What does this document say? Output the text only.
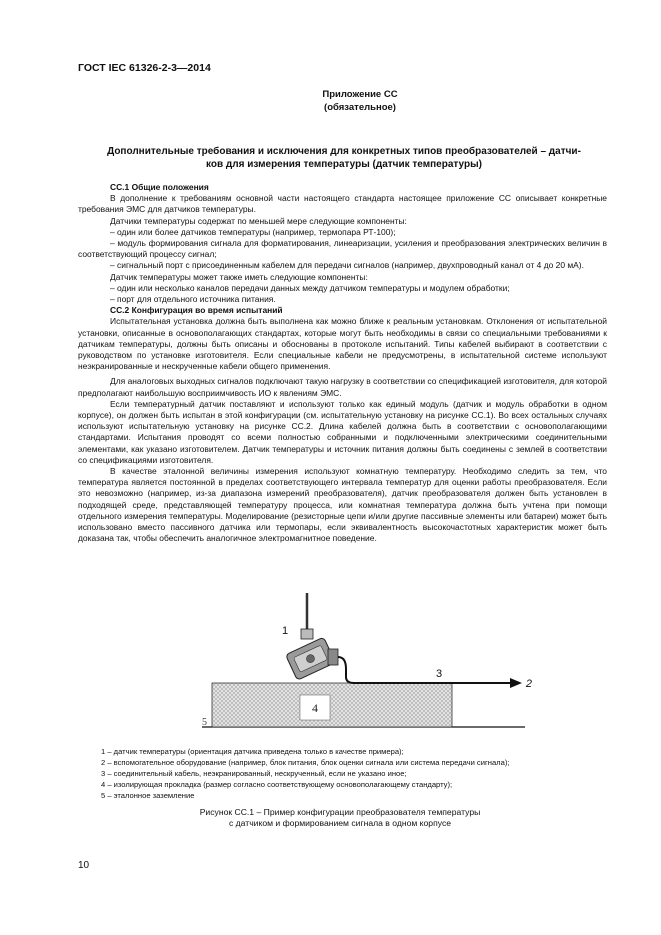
ГОСТ IEC 61326-2-3—2014
Приложение СС
(обязательное)
Дополнительные требования и исключения для конкретных типов преобразователей – датчи-
ков для измерения температуры (датчик температуры)

СС.1 Общие положения

В дополнение к требованиям основной части настоящего стандарта настоящее приложение СС описывает конкретные требования ЭМС для датчиков температуры.

Датчики температуры содержат по меньшей мере следующие компоненты:

– один или более датчиков температуры (например, термопара РТ-100);

– модуль формирования сигнала для форматирования, линеаризации, усиления и преобразования электрических величин в соответствующий процессу сигнал;

– сигнальный порт с присоединенным кабелем для передачи сигналов (например, двухпроводный канал от 4 до 20 мА).

Датчик температуры может также иметь следующие компоненты:

– один или несколько каналов передачи данных между датчиком температуры и модулем обработки;

– порт для отдельного источника питания.

СС.2 Конфигурация во время испытаний

Испытательная установка должна быть выполнена как можно ближе к реальным установкам. Отклонения от испытательной установки, описанные в основополагающих стандартах, которые могут быть необходимы в связи со специальными требованиями к датчикам температуры, должны быть описаны и обоснованы в протоколе испытаний. Типы кабелей выбирают в соответствии с руководством по установке изготовителя. Если специальные кабели не предусмотрены, в испытательной системе используют неэкранированные и нескрученные кабели общего применения.

Для аналоговых выходных сигналов подключают такую нагрузку в соответствии со спецификацией изготовителя, для которой предполагают наибольшую восприимчивость ИО к явлениям ЭМС.

Если температурный датчик поставляют и используют только как единый модуль (датчик и модуль обработки в одном корпусе), он должен быть испытан в этой конфигурации (см. испытательную установку на рисунке СС.1). Во всех остальных случаях используют испытательную установку на рисунке СС.2. Длина кабелей должна быть в соответствии с основополагающими стандартами. Испытания проводят со всеми полностью собранными и подключенными электрическими соединительными элементами, как указано изготовителем. Датчик температуры и источник питания должны быть соединены с землей в соответствии со спецификациями изготовителя.

В качестве эталонной величины измерения используют комнатную температуру. Необходимо следить за тем, что температура является постоянной в пределах соответствующего интервала температур для оценки работы преобразователя. Если это невозможно (например, из-за диапазона измерений преобразователя), датчик преобразователя должен быть установлен в подходящей среде, представляющей температуру процесса, или комнатная температура должна быть учтена при помощи отдельного измерения температуры. Моделирование (резисторные цепи и/или другие пассивные элементы или батареи) может быть использовано вместо пассивного датчика или термопары, если эквивалентность высокочастотных характеристик может быть доказана так, чтобы обеспечить аналогичное электромагнитное поведение.

4
5
1
3
2

1 – датчик температуры (ориентация датчика приведена только в качестве примера);

2 – вспомогательное оборудование (например, блок питания, блок оценки сигнала или система передачи сигнала);

3 – соединительный кабель, неэкранированный, нескрученный, если не указано иное;

4 – изолирующая прокладка (размер согласно соответствующему основополагающему стандарту);

5 – эталонное заземление

Рисунок СС.1 – Пример конфигурации преобразователя температуры
с датчиком и формированием сигнала в одном корпусе
10
